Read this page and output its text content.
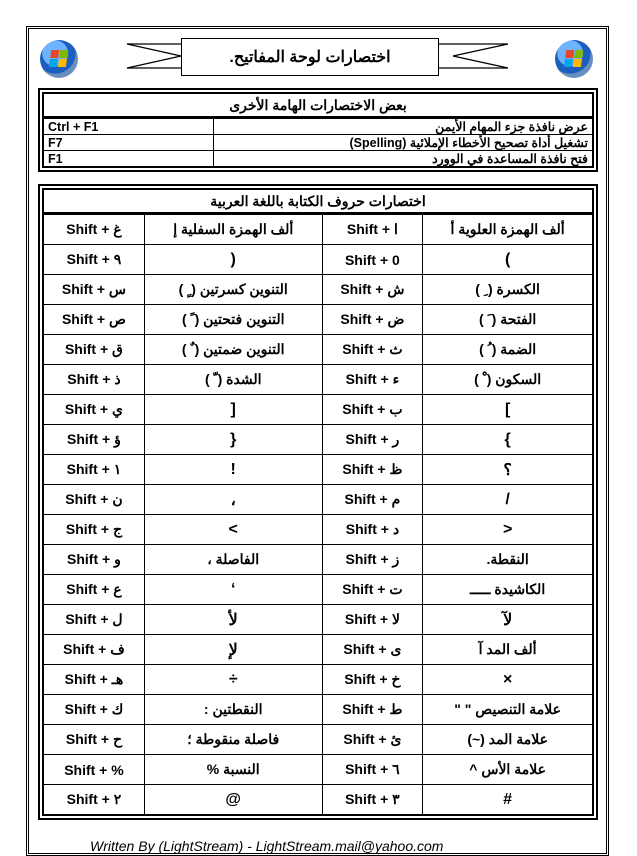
اختصارات لوحة المفاتيح.
بعض الاختصارات الهامة الأخرى
Ctrl + F1	عرض نافذة جزء المهام الأيمن
F7	تشغيل أداة تصحيح الأخطاء الإملائية (Spelling)
F1	فتح نافذة المساعدة في الوورد
اختصارات حروف الكتابة باللغة العربية
Shift + غ	ألف الهمزة السفلية إ	Shift + ا	ألف الهمزة العلوية أ
Shift + ٩	(	Shift + 0	)
Shift + س	التنوين كسرتين ( ٍ )	Shift + ش	الكسرة ( ِ )
Shift + ص	التنوين فتحتين ( ً )	Shift + ض	الفتحة ( َ )
Shift + ق	التنوين ضمتين ( ٌ )	Shift + ث	الضمة ( ُ )
Shift + ذ	الشدة ( ّ )	Shift + ء	السكون ( ْ )
Shift + ي	[	Shift + ب	]
Shift + ؤ	{	Shift + ر	}
Shift + ١	!	Shift + ظ	؟
Shift + ن	،	Shift + م	/
Shift + ج	>	Shift + د	<
Shift + و	الفاصلة ،	Shift + ز	النقطة.
Shift + ع	‘	Shift + ت	الكاشيدة ـــــ
Shift + ل	لأ	Shift + لا	لآ
Shift + ف	لإ	Shift + ى	ألف المد آ
Shift + هـ	÷	Shift + خ	×
Shift + ك	النقطتين :	Shift + ط	علامة التنصيص " "
Shift + ح	فاصلة منقوطة ؛	Shift + ئ	علامة المد (~)
Shift + %	النسبة %	Shift + ٦	علامة الأس ^
Shift + ٢	@	Shift + ٣	#
Written By (LightStream) - LightStream.mail@yahoo.com
